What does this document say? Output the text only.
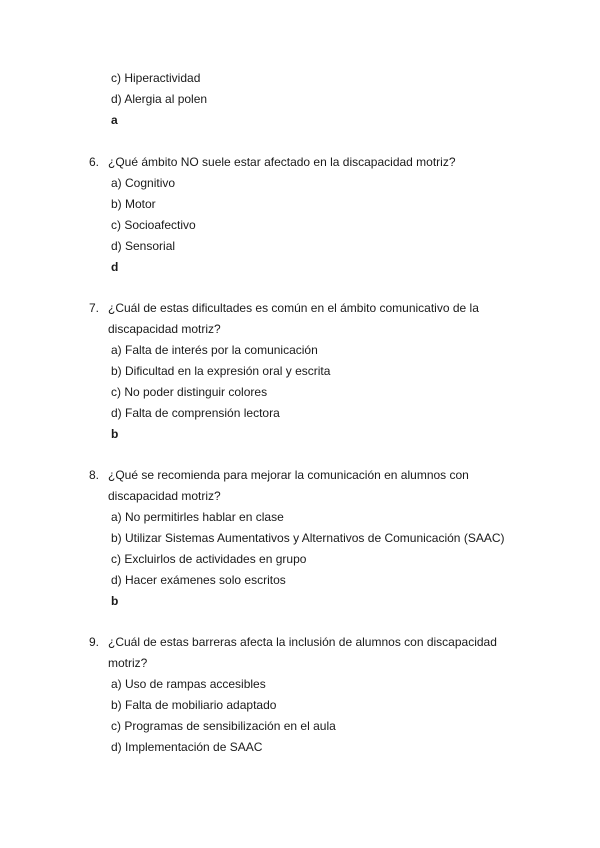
c) Hiperactividad
d) Alergia al polen
a
6. ¿Qué ámbito NO suele estar afectado en la discapacidad motriz?
a) Cognitivo
b) Motor
c) Socioafectivo
d) Sensorial
d
7. ¿Cuál de estas dificultades es común en el ámbito comunicativo de la
discapacidad motriz?
a) Falta de interés por la comunicación
b) Dificultad en la expresión oral y escrita
c) No poder distinguir colores
d) Falta de comprensión lectora
b
8. ¿Qué se recomienda para mejorar la comunicación en alumnos con
discapacidad motriz?
a) No permitirles hablar en clase
b) Utilizar Sistemas Aumentativos y Alternativos de Comunicación (SAAC)
c) Excluirlos de actividades en grupo
d) Hacer exámenes solo escritos
b
9. ¿Cuál de estas barreras afecta la inclusión de alumnos con discapacidad
motriz?
a) Uso de rampas accesibles
b) Falta de mobiliario adaptado
c) Programas de sensibilización en el aula
d) Implementación de SAAC
